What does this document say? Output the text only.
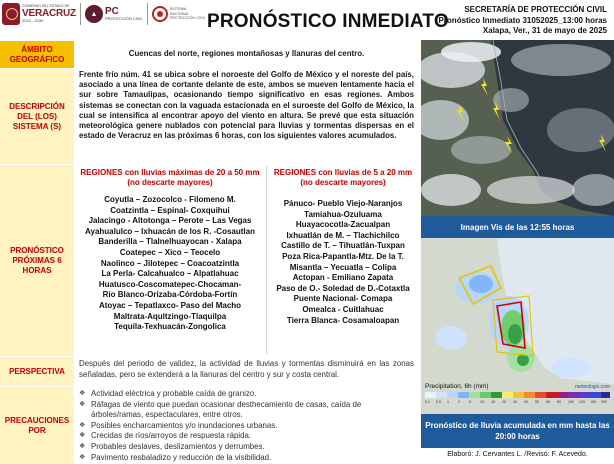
GOBIERNO DEL ESTADO DE
VERACRUZ
2024 - 2030
▲ PC
PROTECCIÓN CIVIL
SISTEMA
NACIONAL
PROTECCIÓN CIVIL PRONÓSTICO INMEDIATO
SECRETARÍA DE PROTECCIÓN CIVIL
Pronóstico Inmediato 31052025_13:00 horas
Xalapa, Ver., 31 de mayo de 2025
ÁMBITO GEOGRÁFICO
Cuencas del norte, regiones montañosas y llanuras del centro.
DESCRIPCIÓN DEL (LOS) SISTEMA (S)
Frente frío núm. 41 se ubica sobre el noroeste del Golfo de México y el noreste del país, asociado a una línea de cortante delante de este, ambos se mueven lentamente hacia el sur sobre Tamaulipas, ocasionando tiempo significativo en esas regiones. Ambos sistemas se conectan con la vaguada estacionada en el suroeste del Golfo de México, la cual se intensifica al encontrar apoyo del viento en altura. Se prevé que esta situación meteorológica genere nublados con potencial para lluvias y tormentas dispersas en el estado de Veracruz en las próximas 6 horas, con los siguientes valores acumulados.
PRONÓSTICO PRÓXIMAS 6 HORAS
REGIONES con lluvias máximas de 20 a 50 mm (no descarte mayores)
REGIONES con lluvias de 5 a 20 mm (no descarte mayores)
Coyutla – Zozocolco - Filomeno M.
Coatzintla – Espinal- Coxquihui
Jalacingo - Altotonga – Perote – Las Vegas
Ayahualulco – Ixhuacán de los R. -Cosautlan
Banderilla – Tlalnelhuayocan - Xalapa
Coatepec – Xico – Teocelo
Naolinco – Jilotepec – Coacoatzintla
La Perla- Calcahualco – Alpatlahuac
Huatusco-Coscomatepec-Chocaman-
Río Blanco-Orizaba-Córdoba-Fortín
Atoyac – Tepatlaxco- Paso del Macho
Maltrata-Aqultzingo-Tlaquilpa
Tequila-Texhuacán-Zongolica
Pánuco- Pueblo Viejo-Naranjos
Tamiahua-Ozuluama
Huayacocotla-Zacualpan
Ixhuatlán de M. – Tlachichilco
Castillo de T. – Tihuatlán-Tuxpan
Poza Rica-Papantla-Mtz. De la T.
Misantla – Yecuatla – Colipa
Actopan - Emiliano Zapata
Paso de O.- Soledad de D.-Cotaxtla
Puente Nacional- Comapa
Omealca - Cuitlahuac
Tierra Blanca- Cosamaloapan
PERSPECTIVA
Después del periodo de validez, la actividad de lluvias y tormentas disminuirá en las zonas señaladas, pero se extenderá a la llanuras del centro y sur y costa central.
PRECAUCIONES POR
❖ Actividad eléctrica y probable caída de granizo.
❖ Ráfagas de viento que puedan ocasionar desthecamiento de casas, caída de árboles/ramas, espectaculares, entre otros.
❖ Posibles encharcamientos y/o inundaciones urbanas.
❖ Crecidas de ríos/arroyos de respuesta rápida.
❖ Probables deslaves, deslizamientos y derrumbes.
❖ Pavimento resbaladizo y reducción de la visibilidad.
Imagen Vis de las 12:55 horas
Precipitation, 6h (mm)	meteologix.com
0.1 0.5 1	2	5	10 15 20 30 40 50 60 80 100 125 150 200
Pronóstico de lluvia acumulada en mm hasta las 20:00 horas
Elaboró: J. Cervantes L. /Revisó: F. Acevedo.
